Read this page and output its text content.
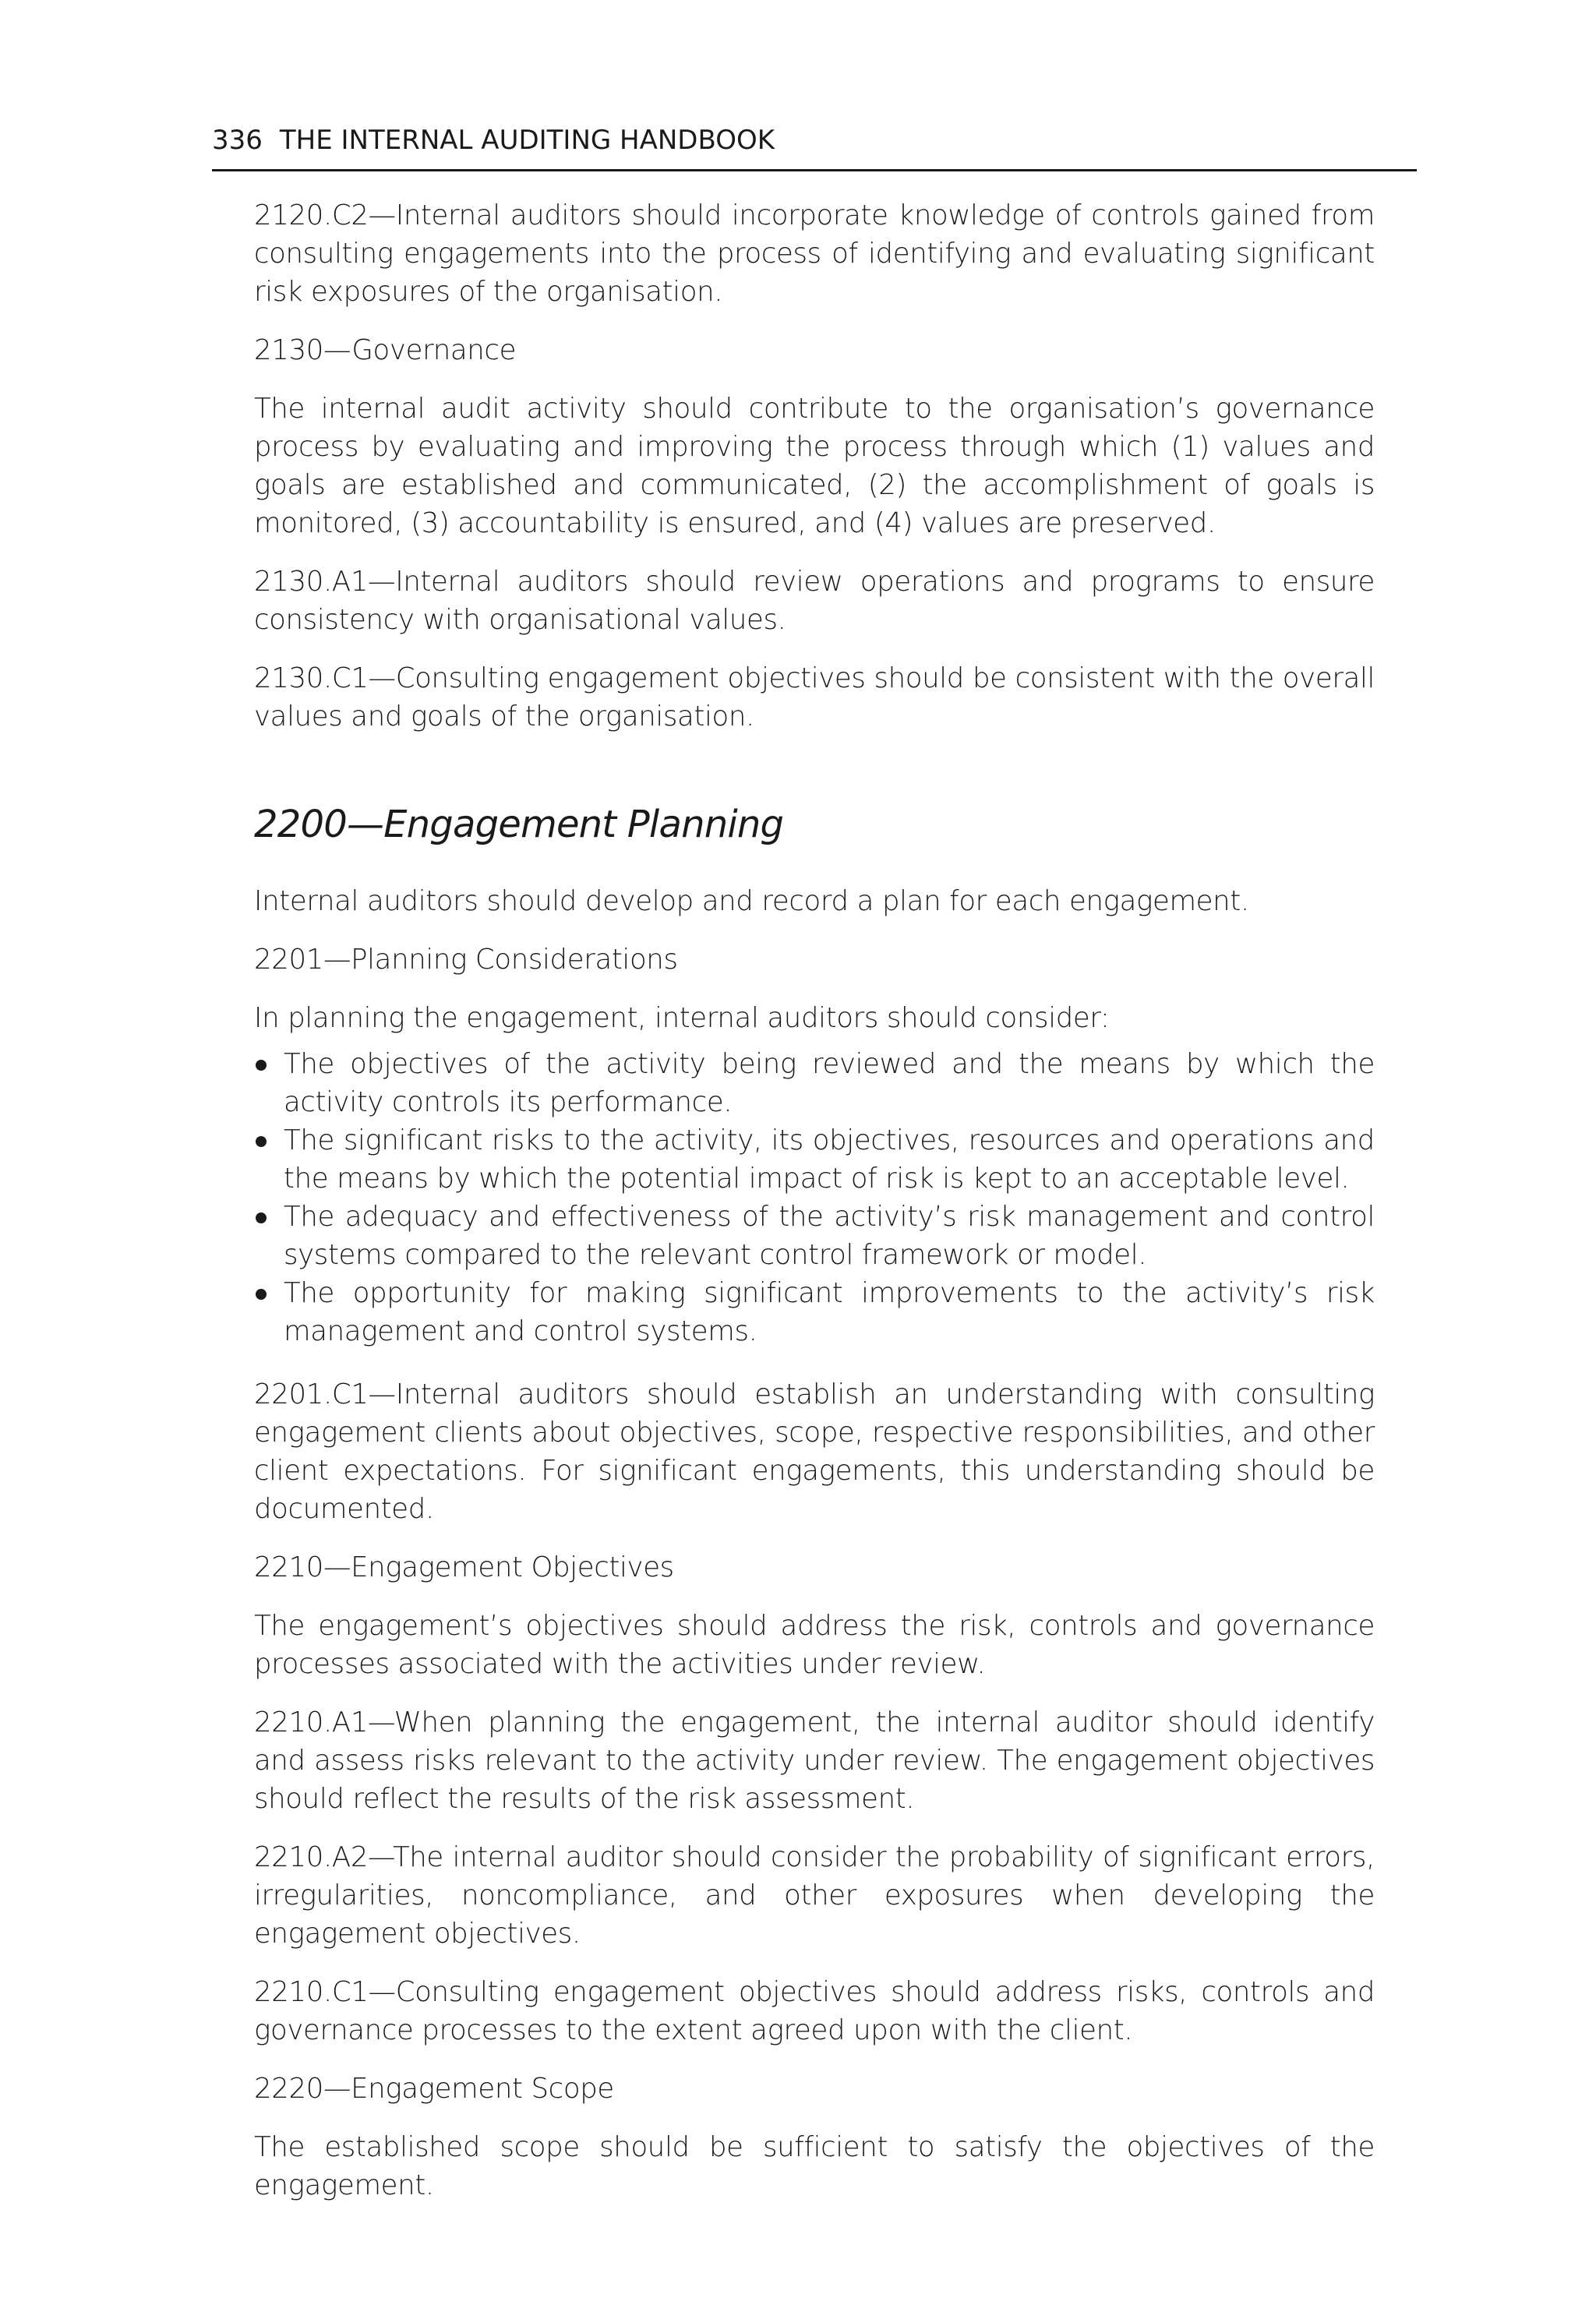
336 THE INTERNAL AUDITING HANDBOOK

2120.C2—Internal auditors should incorporate knowledge of controls gained from consulting engagements into the process of identifying and evaluating significant risk exposures of the organisation.

2130—Governance

The internal audit activity should contribute to the organisation’s governance process by evaluating and improving the process through which (1) values and goals are established and communicated, (2) the accomplishment of goals is monitored, (3) accountability is ensured, and (4) values are preserved.

2130.A1—Internal auditors should review operations and programs to ensure consistency with organisational values.

2130.C1—Consulting engagement objectives should be consistent with the overall values and goals of the organisation.

2200—Engagement Planning

Internal auditors should develop and record a plan for each engagement.

2201—Planning Considerations

In planning the engagement, internal auditors should consider:

The objectives of the activity being reviewed and the means by which the activity controls its performance.
The significant risks to the activity, its objectives, resources and operations and the means by which the potential impact of risk is kept to an acceptable level.
The adequacy and effectiveness of the activity’s risk management and control systems compared to the relevant control framework or model.
The opportunity for making significant improvements to the activity’s risk management and control systems.

2201.C1—Internal auditors should establish an understanding with consulting engagement clients about objectives, scope, respective responsibilities, and other client expectations. For significant engagements, this understanding should be documented.

2210—Engagement Objectives

The engagement’s objectives should address the risk, controls and governance processes associated with the activities under review.

2210.A1—When planning the engagement, the internal auditor should identify and assess risks relevant to the activity under review. The engagement objectives should reflect the results of the risk assessment.

2210.A2—The internal auditor should consider the probability of significant errors, irregularities, noncompliance, and other exposures when developing the engagement objectives.

2210.C1—Consulting engagement objectives should address risks, controls and governance processes to the extent agreed upon with the client.

2220—Engagement Scope

The established scope should be sufficient to satisfy the objectives of the engagement.
